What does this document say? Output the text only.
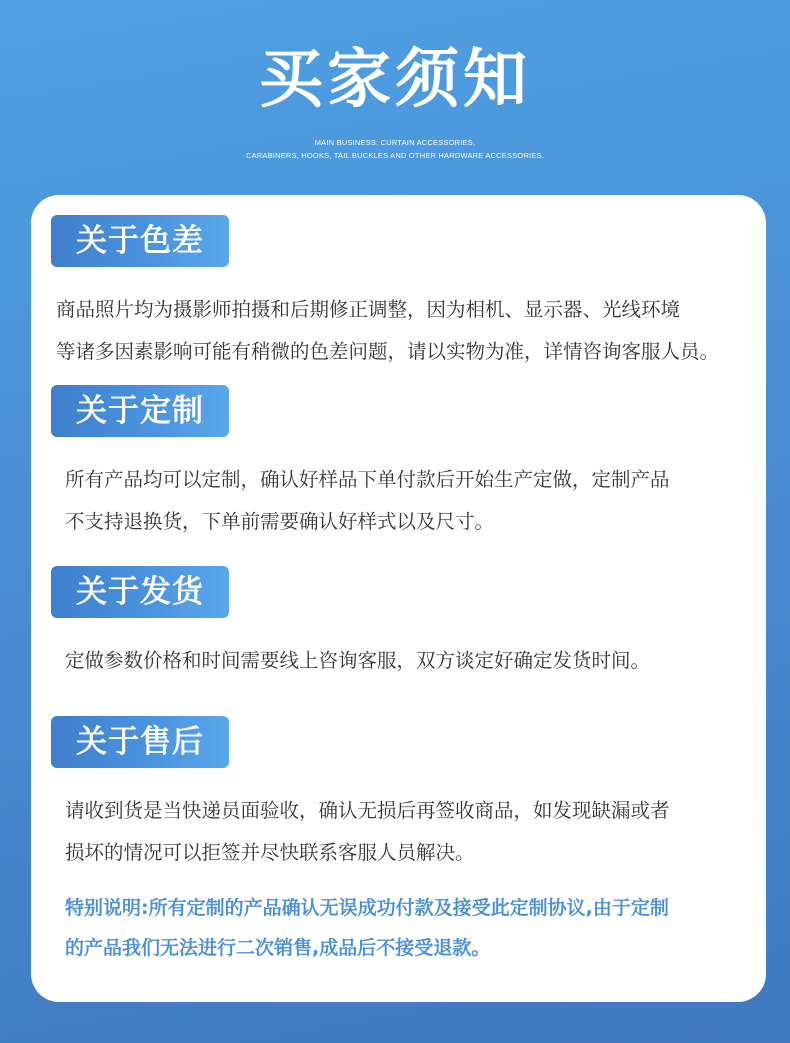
买家须知
MAIN BUSINESS: CURTAIN ACCESSORIES,
CARABINERS, HOOKS, TAIL BUCKLES AND OTHER HARDWARE ACCESSORIES.
关于色差
商品照片均为摄影师拍摄和后期修正调整，因为相机、显示器、光线环境
等诸多因素影响可能有稍微的色差问题，请以实物为准，详情咨询客服人员。
关于定制
所有产品均可以定制，确认好样品下单付款后开始生产定做，定制产品
不支持退换货，下单前需要确认好样式以及尺寸。
关于发货
定做参数价格和时间需要线上咨询客服，双方谈定好确定发货时间。
关于售后
请收到货是当快递员面验收，确认无损后再签收商品，如发现缺漏或者
损坏的情况可以拒签并尽快联系客服人员解决。
特别说明:所有定制的产品确认无误成功付款及接受此定制协议,由于定制
的产品我们无法进行二次销售,成品后不接受退款。
